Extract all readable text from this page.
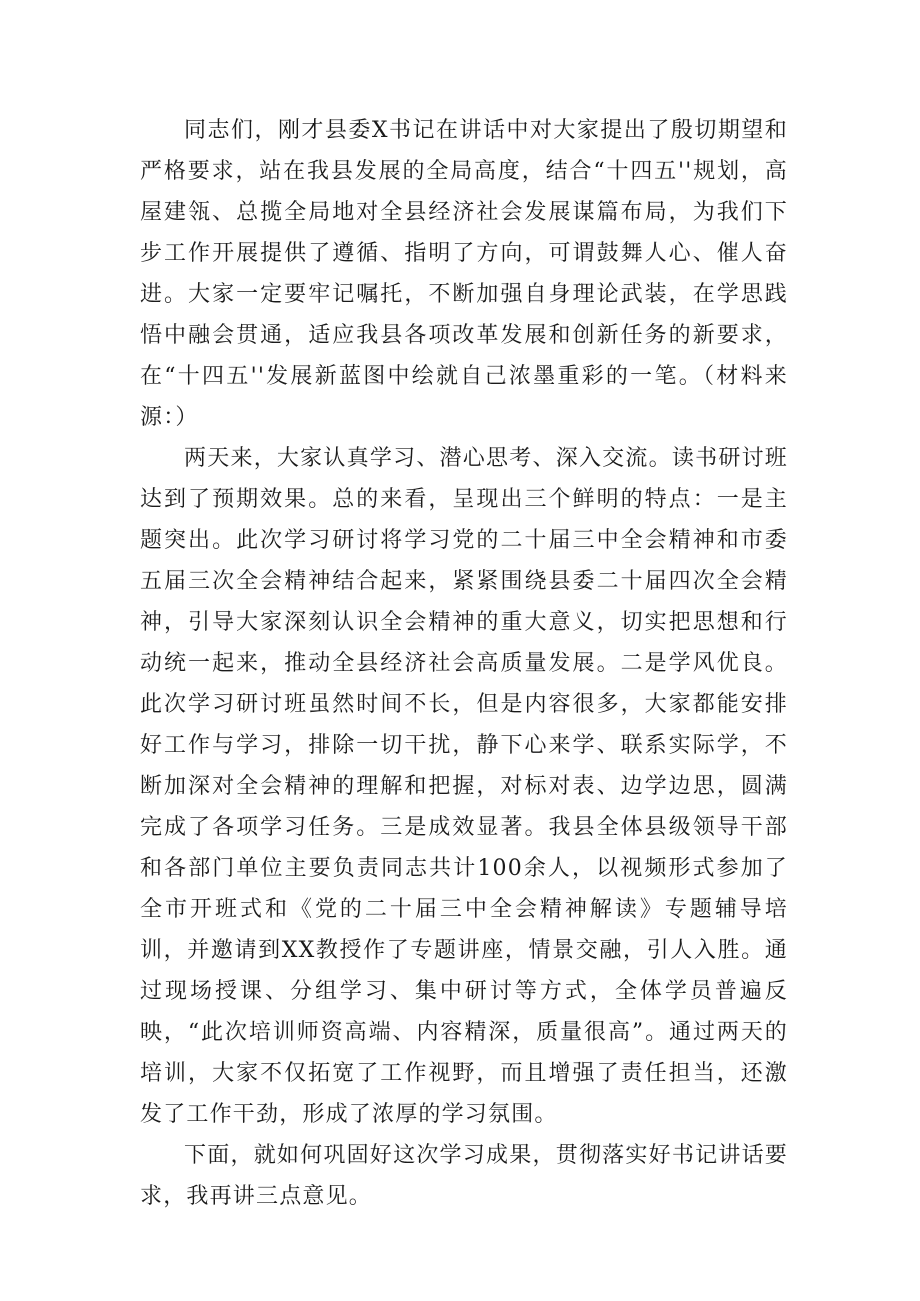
同志们，刚才县委X书记在讲话中对大家提出了殷切期望和严格要求，站在我县发展的全局高度，结合“十四五''规划，高屋建瓴、总揽全局地对全县经济社会发展谋篇布局，为我们下步工作开展提供了遵循、指明了方向，可谓鼓舞人心、催人奋进。大家一定要牢记嘱托，不断加强自身理论武装，在学思践悟中融会贯通，适应我县各项改革发展和创新任务的新要求，在“十四五''发展新蓝图中绘就自己浓墨重彩的一笔。（材料来源：）

两天来，大家认真学习、潜心思考、深入交流。读书研讨班达到了预期效果。总的来看，呈现出三个鲜明的特点：一是主题突出。此次学习研讨将学习党的二十届三中全会精神和市委五届三次全会精神结合起来，紧紧围绕县委二十届四次全会精神，引导大家深刻认识全会精神的重大意义，切实把思想和行动统一起来，推动全县经济社会高质量发展。二是学风优良。此次学习研讨班虽然时间不长，但是内容很多，大家都能安排好工作与学习，排除一切干扰，静下心来学、联系实际学，不断加深对全会精神的理解和把握，对标对表、边学边思，圆满完成了各项学习任务。三是成效显著。我县全体县级领导干部和各部门单位主要负责同志共计100余人，以视频形式参加了全市开班式和《党的二十届三中全会精神解读》专题辅导培训，并邀请到XX教授作了专题讲座，情景交融，引人入胜。通过现场授课、分组学习、集中研讨等方式，全体学员普遍反映，“此次培训师资高端、内容精深，质量很高”。通过两天的培训，大家不仅拓宽了工作视野，而且增强了责任担当，还激发了工作干劲，形成了浓厚的学习氛围。

下面，就如何巩固好这次学习成果，贯彻落实好书记讲话要求，我再讲三点意见。
